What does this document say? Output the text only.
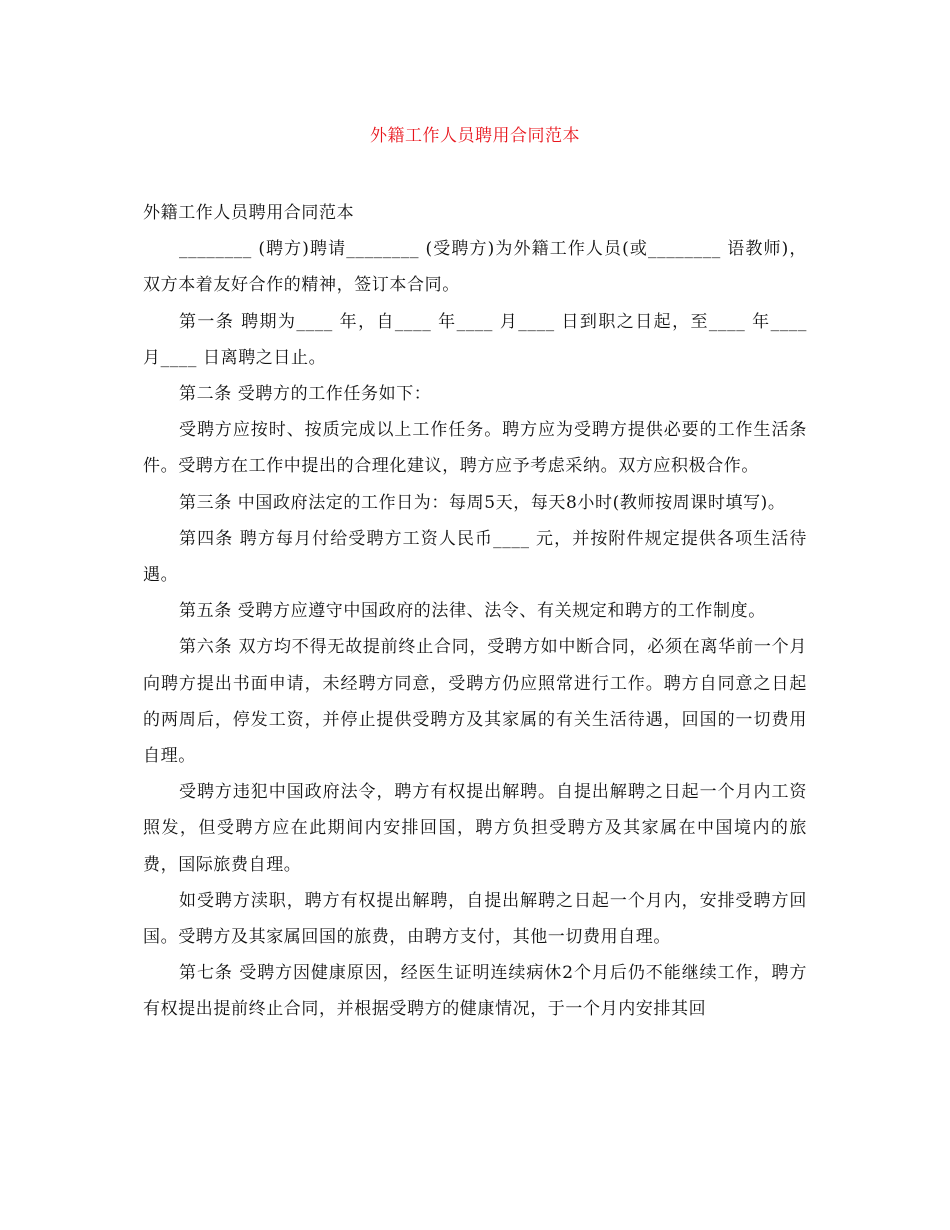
外籍工作人员聘用合同范本

外籍工作人员聘用合同范本

________ (聘方)聘请________ (受聘方)为外籍工作人员(或________ 语教师)，双方本着友好合作的精神，签订本合同。

第一条 聘期为____ 年，自____ 年____ 月____ 日到职之日起，至____ 年____ 月____ 日离聘之日止。

第二条 受聘方的工作任务如下：

受聘方应按时、按质完成以上工作任务。聘方应为受聘方提供必要的工作生活条件。受聘方在工作中提出的合理化建议，聘方应予考虑采纳。双方应积极合作。

第三条 中国政府法定的工作日为：每周5天，每天8小时(教师按周课时填写)。

第四条 聘方每月付给受聘方工资人民币____ 元，并按附件规定提供各项生活待遇。

第五条 受聘方应遵守中国政府的法律、法令、有关规定和聘方的工作制度。

第六条 双方均不得无故提前终止合同，受聘方如中断合同，必须在离华前一个月向聘方提出书面申请，未经聘方同意，受聘方仍应照常进行工作。聘方自同意之日起的两周后，停发工资，并停止提供受聘方及其家属的有关生活待遇，回国的一切费用自理。

受聘方违犯中国政府法令，聘方有权提出解聘。自提出解聘之日起一个月内工资照发，但受聘方应在此期间内安排回国，聘方负担受聘方及其家属在中国境内的旅费，国际旅费自理。

如受聘方渎职，聘方有权提出解聘，自提出解聘之日起一个月内，安排受聘方回国。受聘方及其家属回国的旅费，由聘方支付，其他一切费用自理。

第七条 受聘方因健康原因，经医生证明连续病休2个月后仍不能继续工作，聘方有权提出提前终止合同，并根据受聘方的健康情况，于一个月内安排其回
